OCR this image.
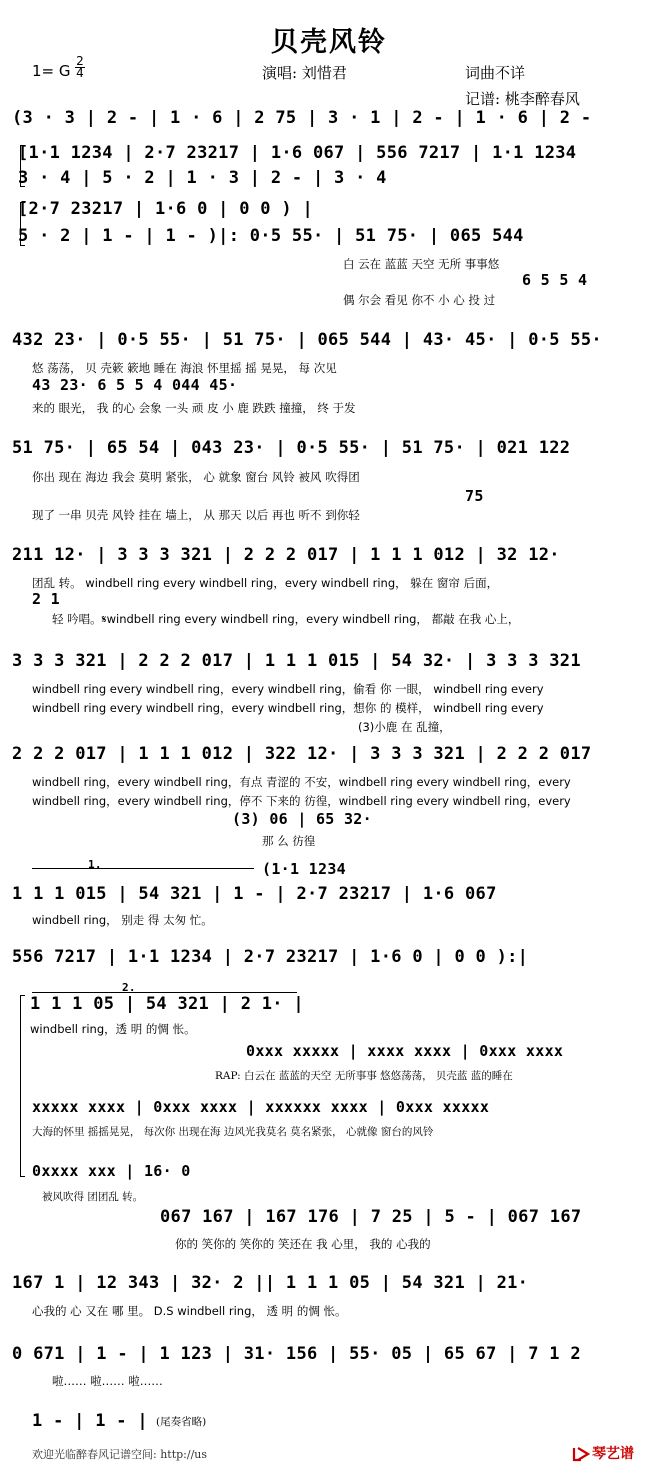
贝壳风铃
1= G
2
4	演唱: 刘惜君	词曲不详
记谱: 桃李醉春风
(3 · 3 | 2 - | 1 · 6 | 2 75 | 3 · 1 | 2 - | 1 · 6 | 2 -
[1·1 1234 | 2·7 23217 | 1·6 067 | 556 7217 | 1·1 1234
3 · 4 | 5 · 2 | 1 · 3 | 2 - | 3 · 4
[2·7 23217 | 1·6 0 | 0 0 ) |
5 · 2 | 1 - | 1 - )|: 0·5 55· | 51 75· | 065 544
白 云在 蓝蓝 天空 无所 事事悠
6 5 5 4
偶 尔会 看见 你不 小 心 投 过
432 23· | 0·5 55· | 51 75· | 065 544 | 43· 45· | 0·5 55·
悠 荡荡， 贝 壳簌 簌地 睡在 海浪 怀里摇 摇 晃晃， 每 次见
43 23· 6 5 5 4 044 45·
来的 眼光， 我 的心 会象 一头 顽 皮 小 鹿 跌跌 撞撞， 终 于发
51 75· | 65 54 | 043 23· | 0·5 55· | 51 75· | 021 122
你出 现在 海边 我会 莫明 紧张， 心 就象 窗台 风铃 被风 吹得团
75
现了 一串 贝壳 风铃 挂在 墙上， 从 那天 以后 再也 听不 到你轻
211 12· | 3 3 3 321 | 2 2 2 017 | 1 1 1 012 | 32 12·
团乱 转。 windbell ring every windbell ring，every windbell ring， 躲在 窗帘 后面，
2 1
轻 吟唱。𝄋windbell ring every windbell ring，every windbell ring， 都敲 在我 心上，
3 3 3 321 | 2 2 2 017 | 1 1 1 015 | 54 32· | 3 3 3 321
windbell ring every windbell ring，every windbell ring，偷看 你 一眼， windbell ring every
windbell ring every windbell ring，every windbell ring，想你 的 模样， windbell ring every
(3)小鹿 在 乱撞，
2 2 2 017 | 1 1 1 012 | 322 12· | 3 3 3 321 | 2 2 2 017
windbell ring，every windbell ring，有点 青涩的 不安，windbell ring every windbell ring，every
windbell ring，every windbell ring，停不 下来的 彷徨，windbell ring every windbell ring，every
(3) 06 | 65 32·
那 么 彷徨
1.	(1·1 1234
1 1 1 015 | 54 321 | 1 - | 2·7 23217 | 1·6 067
windbell ring， 别走 得 太匆 忙。
556 7217 | 1·1 1234 | 2·7 23217 | 1·6 0 | 0 0 ):|
2.
1 1 1 05 | 54 321 | 2 1· |
windbell ring，透 明 的惆 怅。
0xxx xxxxx | xxxx xxxx | 0xxx xxxx
RAP: 白云在 蓝蓝的天空 无所事事 悠悠荡荡， 贝壳蓝 蓝的睡在
xxxxx xxxx | 0xxx xxxx | xxxxxx xxxx | 0xxx xxxxx
大海的怀里 摇摇晃晃， 每次你 出现在海 边风光我莫名 莫名紧张， 心就像 窗台的风铃
0xxxx xxx | 16· 0
被风吹得 团团乱 转。
067 167 | 167 176 | 7 25 | 5 - | 067 167
你的 笑你的 笑你的 笑还在 我 心里， 我的 心我的
167 1 | 12 343 | 32· 2 || 1 1 1 05 | 54 321 | 21·
心我的 心 又在 哪 里。 D.S windbell ring， 透 明 的惆 怅。
0 671 | 1 - | 1 123 | 31· 156 | 55· 05 | 65 67 | 7 1 2
啦…… 啦…… 啦……
1 - | 1 - | (尾奏省略)
欢迎光临醉春风记谱空间: http://us	琴艺谱
